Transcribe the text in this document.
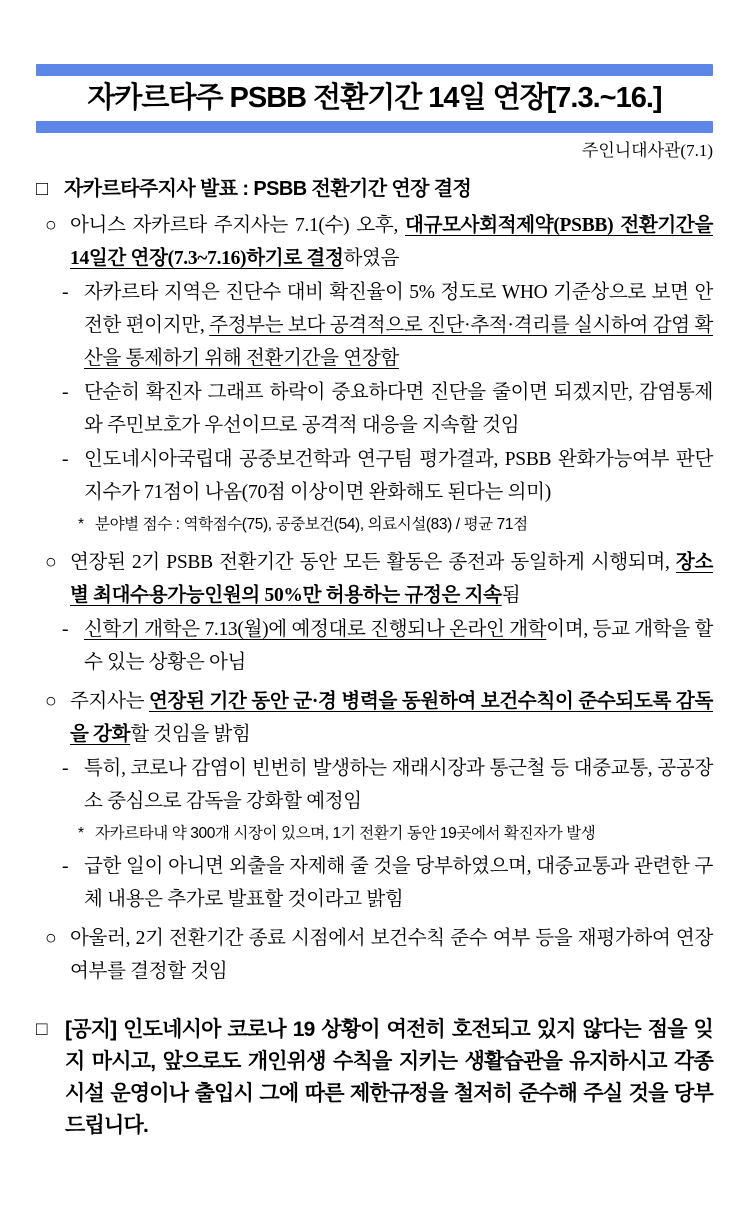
자카르타주 PSBB 전환기간 14일 연장[7.3.~16.]
주인니대사관(7.1)
□ 자카르타주지사 발표 : PSBB 전환기간 연장 결정
○ 아니스 자카르타 주지사는 7.1(수) 오후, 대규모사회적제약(PSBB) 전환기간을 14일간 연장(7.3~7.16)하기로 결정하였음
- 자카르타 지역은 진단수 대비 확진율이 5% 정도로 WHO 기준상으로 보면 안전한 편이지만, 주정부는 보다 공격적으로 진단·추적·격리를 실시하여 감염 확산을 통제하기 위해 전환기간을 연장함
- 단순히 확진자 그래프 하락이 중요하다면 진단을 줄이면 되겠지만, 감염통제와 주민보호가 우선이므로 공격적 대응을 지속할 것임
- 인도네시아국립대 공중보건학과 연구팀 평가결과, PSBB 완화가능여부 판단지수가 71점이 나옴(70점 이상이면 완화해도 된다는 의미)
* 분야별 점수 : 역학점수(75), 공중보건(54), 의료시설(83) / 평균 71점
○ 연장된 2기 PSBB 전환기간 동안 모든 활동은 종전과 동일하게 시행되며, 장소별 최대수용가능인원의 50%만 허용하는 규정은 지속됨
- 신학기 개학은 7.13(월)에 예정대로 진행되나 온라인 개학이며, 등교 개학을 할 수 있는 상황은 아님
○ 주지사는 연장된 기간 동안 군·경 병력을 동원하여 보건수칙이 준수되도록 감독을 강화할 것임을 밝힘
- 특히, 코로나 감염이 빈번히 발생하는 재래시장과 통근철 등 대중교통, 공공장소 중심으로 감독을 강화할 예정임
* 자카르타내 약 300개 시장이 있으며, 1기 전환기 동안 19곳에서 확진자가 발생
- 급한 일이 아니면 외출을 자제해 줄 것을 당부하였으며, 대중교통과 관련한 구체 내용은 추가로 발표할 것이라고 밝힘
○ 아울러, 2기 전환기간 종료 시점에서 보건수칙 준수 여부 등을 재평가하여 연장여부를 결정할 것임
□ [공지] 인도네시아 코로나 19 상황이 여전히 호전되고 있지 않다는 점을 잊지 마시고, 앞으로도 개인위생 수칙을 지키는 생활습관을 유지하시고 각종 시설 운영이나 출입시 그에 따른 제한규정을 철저히 준수해 주실 것을 당부드립니다.
